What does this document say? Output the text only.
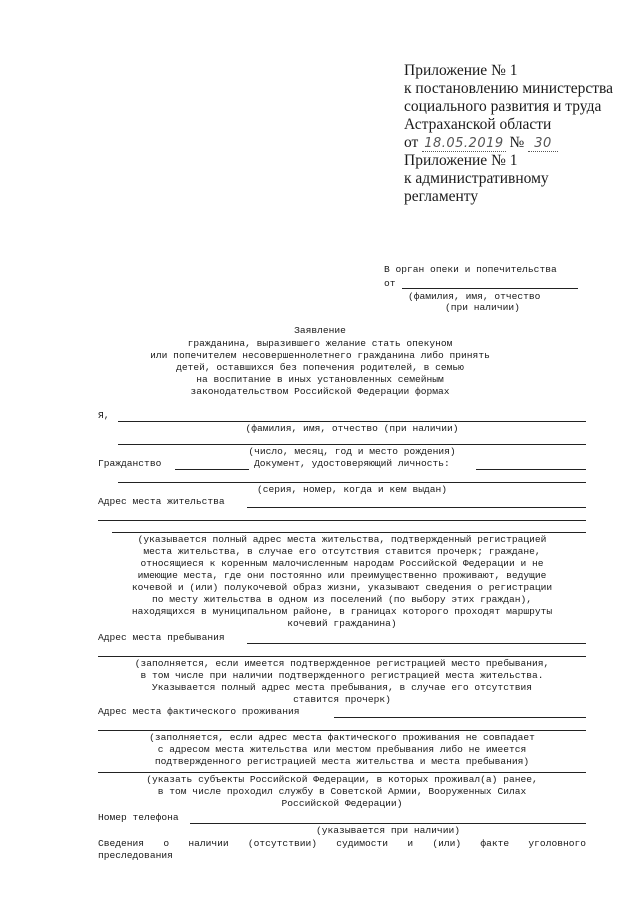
Приложение № 1
к постановлению министерства
социального развития и труда
Астраханской области
от 18.05.2019 № 30
Приложение № 1
к административному
регламенту
В орган опеки и попечительства
от
(фамилия, имя, отчество
(при наличии)
Заявление
гражданина, выразившего желание стать опекуном
или попечителем несовершеннолетнего гражданина либо принять
детей, оставшихся без попечения родителей, в семью
на воспитание в иных установленных семейным
законодательством Российской Федерации формах
Я,
(фамилия, имя, отчество (при наличии)
(число, месяц, год и место рождения)
Гражданство	Документ, удостоверяющий личность:
(серия, номер, когда и кем выдан)
Адрес места жительства
(указывается полный адрес места жительства, подтвержденный регистрацией
места жительства, в случае его отсутствия ставится прочерк; граждане,
относящиеся к коренным малочисленным народам Российской Федерации и не
имеющие места, где они постоянно или преимущественно проживают, ведущие
кочевой и (или) полукочевой образ жизни, указывают сведения о регистрации
по месту жительства в одном из поселений (по выбору этих граждан),
находящихся в муниципальном районе, в границах которого проходят маршруты
кочевий гражданина)
Адрес места пребывания
(заполняется, если имеется подтвержденное регистрацией место пребывания,
в том числе при наличии подтвержденного регистрацией места жительства.
Указывается полный адрес места пребывания, в случае его отсутствия
ставится прочерк)
Адрес места фактического проживания
(заполняется, если адрес места фактического проживания не совпадает
с адресом места жительства или местом пребывания либо не имеется
подтвержденного регистрацией места жительства и места пребывания)
(указать субъекты Российской Федерации, в которых проживал(а) ранее,
в том числе проходил службу в Советской Армии, Вооруженных Силах
Российской Федерации)
Номер телефона
(указывается при наличии)
Сведения о наличии (отсутствии) судимости и (или) факте уголовного
преследования
